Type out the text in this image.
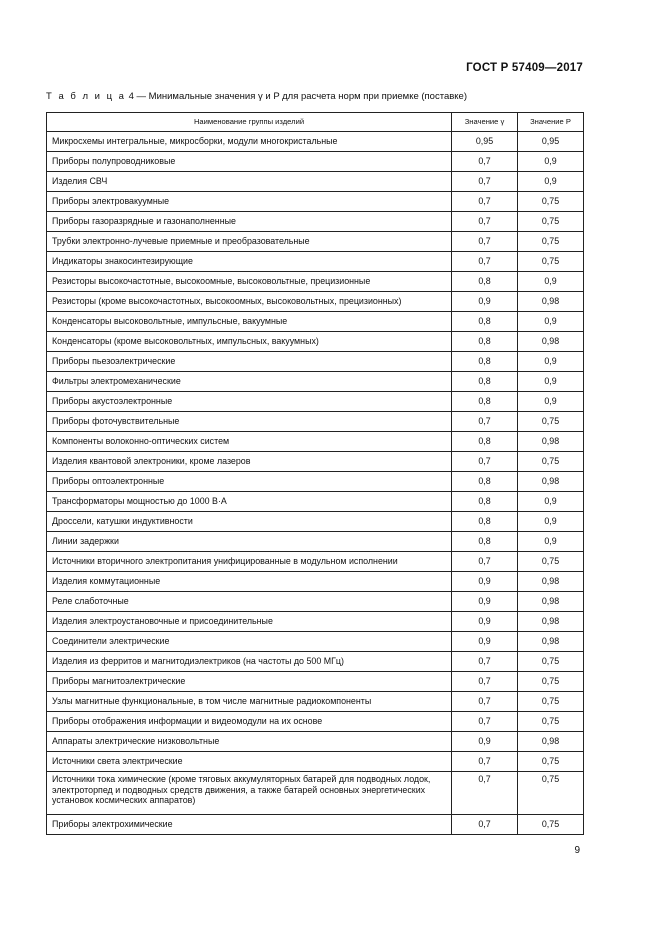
ГОСТ Р 57409—2017
Т а б л и ц а 4 — Минимальные значения γ и P для расчета норм при приемке (поставке)
Наименование группы изделий	Значение γ	Значение P
Микросхемы интегральные, микросборки, модули многокристальные	0,95	0,95
Приборы полупроводниковые	0,7	0,9
Изделия СВЧ	0,7	0,9
Приборы электровакуумные	0,7	0,75
Приборы газоразрядные и газонаполненные	0,7	0,75
Трубки электронно-лучевые приемные и преобразовательные	0,7	0,75
Индикаторы знакосинтезирующие	0,7	0,75
Резисторы высокочастотные, высокоомные, высоковольтные, прецизионные	0,8	0,9
Резисторы (кроме высокочастотных, высокоомных, высоковольтных, прецизионных)	0,9	0,98
Конденсаторы высоковольтные, импульсные, вакуумные	0,8	0,9
Конденсаторы (кроме высоковольтных, импульсных, вакуумных)	0,8	0,98
Приборы пьезоэлектрические	0,8	0,9
Фильтры электромеханические	0,8	0,9
Приборы акустоэлектронные	0,8	0,9
Приборы фоточувствительные	0,7	0,75
Компоненты волоконно-оптических систем	0,8	0,98
Изделия квантовой электроники, кроме лазеров	0,7	0,75
Приборы оптоэлектронные	0,8	0,98
Трансформаторы мощностью до 1000 В·А	0,8	0,9
Дроссели, катушки индуктивности	0,8	0,9
Линии задержки	0,8	0,9
Источники вторичного электропитания унифицированные в модульном исполнении	0,7	0,75
Изделия коммутационные	0,9	0,98
Реле слаботочные	0,9	0,98
Изделия электроустановочные и присоединительные	0,9	0,98
Соединители электрические	0,9	0,98
Изделия из ферритов и магнитодиэлектриков (на частоты до 500 МГц)	0,7	0,75
Приборы магнитоэлектрические	0,7	0,75
Узлы магнитные функциональные, в том числе магнитные радиокомпоненты	0,7	0,75
Приборы отображения информации и видеомодули на их основе	0,7	0,75
Аппараты электрические низковольтные	0,9	0,98
Источники света электрические	0,7	0,75
Источники тока химические (кроме тяговых аккумуляторных батарей для подводных лодок, электроторпед и подводных средств движения, а также батарей основных энергетических установок космических аппаратов)	0,7	0,75
Приборы электрохимические	0,7	0,75
9
